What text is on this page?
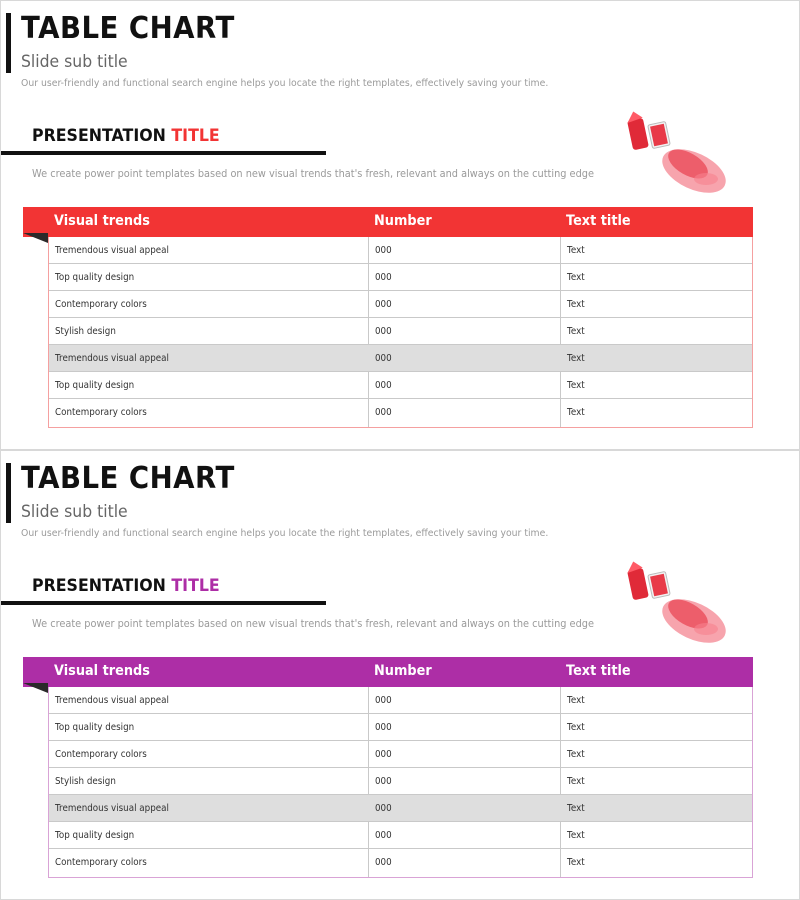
TABLE CHART
Slide sub title
Our user-friendly and functional search engine helps you locate the right templates, effectively saving your time.
PRESENTATION TITLE
We create power point templates based on new visual trends that's fresh, relevant and always on the cutting edge
Visual trends	Number	Text title
Tremendous visual appeal	000	Text
Top quality design	000	Text
Contemporary colors	000	Text
Stylish design	000	Text
Tremendous visual appeal	000	Text
Top quality design	000	Text
Contemporary colors	000	Text
TABLE CHART
Slide sub title
Our user-friendly and functional search engine helps you locate the right templates, effectively saving your time.
PRESENTATION TITLE
We create power point templates based on new visual trends that's fresh, relevant and always on the cutting edge
Visual trends	Number	Text title
Tremendous visual appeal	000	Text
Top quality design	000	Text
Contemporary colors	000	Text
Stylish design	000	Text
Tremendous visual appeal	000	Text
Top quality design	000	Text
Contemporary colors	000	Text
